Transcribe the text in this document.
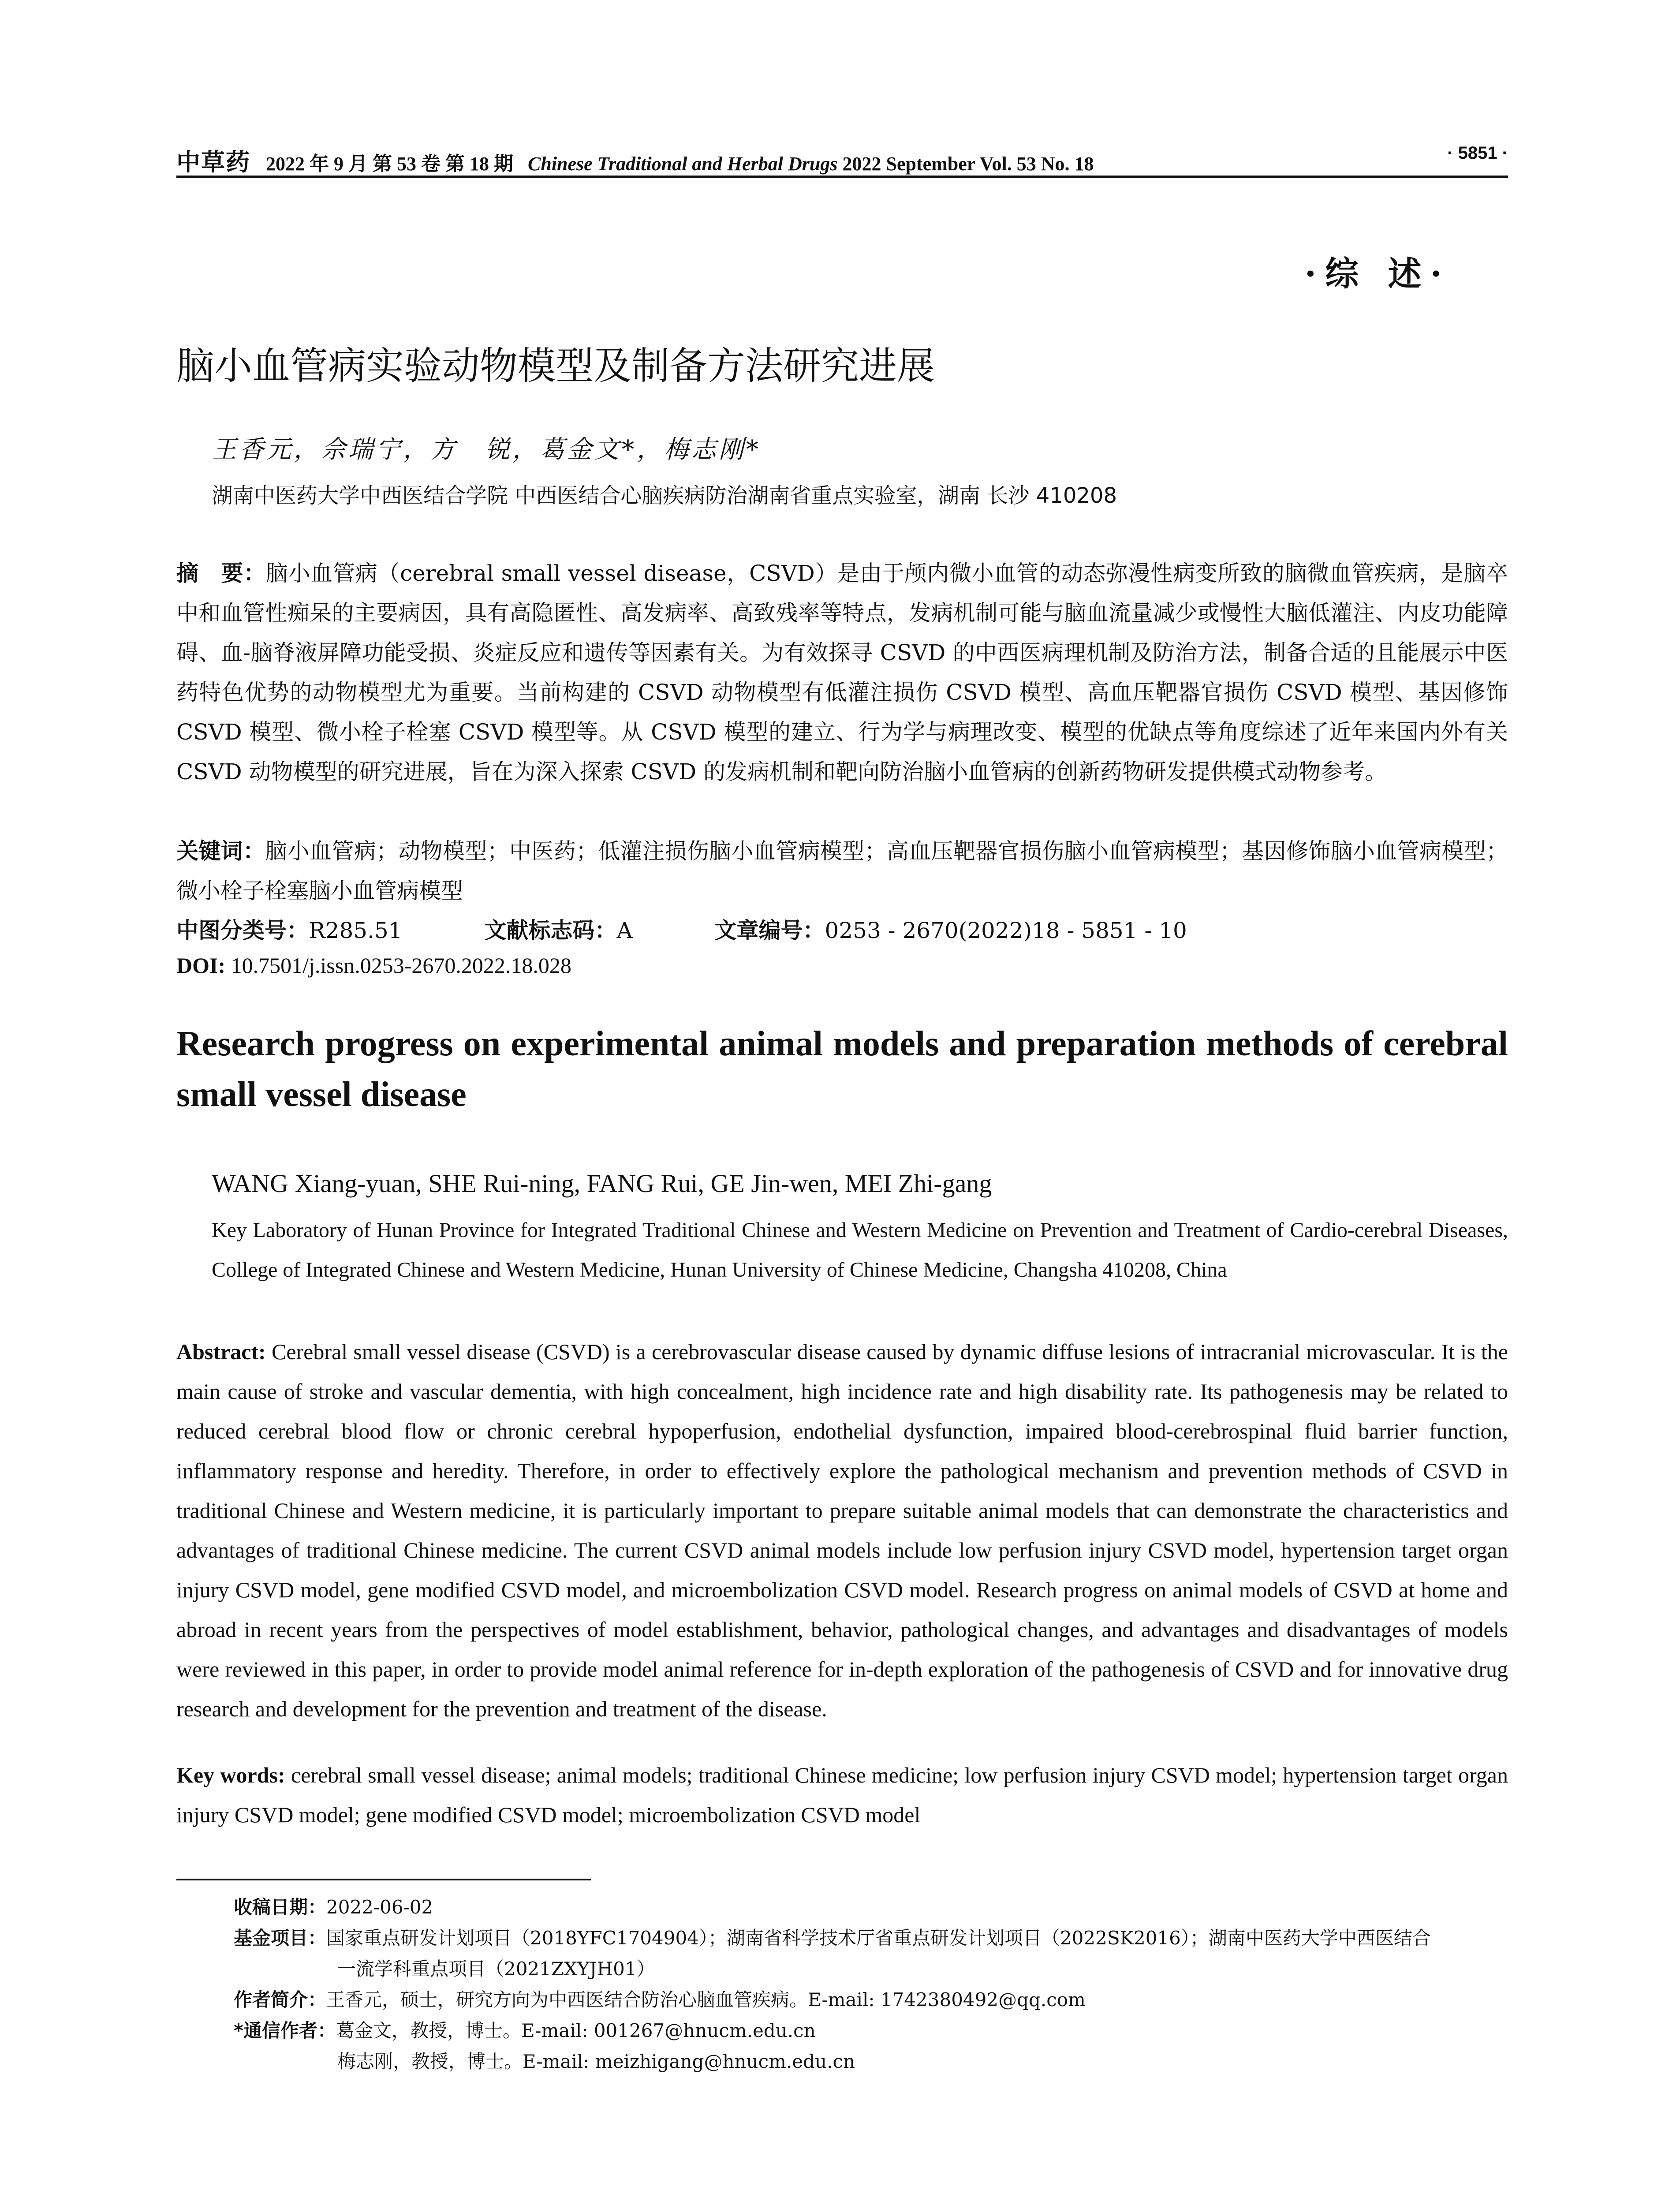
中草药 2022 年 9 月 第 53 卷 第 18 期 Chinese Traditional and Herbal Drugs 2022 September Vol. 53 No. 18	· 5851 ·
·综 述·
脑小血管病实验动物模型及制备方法研究进展
王香元，佘瑞宁，方　锐，葛金文*，梅志刚*
湖南中医药大学中西医结合学院 中西医结合心脑疾病防治湖南省重点实验室，湖南 长沙 410208
摘　要：脑小血管病（cerebral small vessel disease，CSVD）是由于颅内微小血管的动态弥漫性病变所致的脑微血管疾病，是脑卒中和血管性痴呆的主要病因，具有高隐匿性、高发病率、高致残率等特点，发病机制可能与脑血流量减少或慢性大脑低灌注、内皮功能障碍、血-脑脊液屏障功能受损、炎症反应和遗传等因素有关。为有效探寻 CSVD 的中西医病理机制及防治方法，制备合适的且能展示中医药特色优势的动物模型尤为重要。当前构建的 CSVD 动物模型有低灌注损伤 CSVD 模型、高血压靶器官损伤 CSVD 模型、基因修饰 CSVD 模型、微小栓子栓塞 CSVD 模型等。从 CSVD 模型的建立、行为学与病理改变、模型的优缺点等角度综述了近年来国内外有关 CSVD 动物模型的研究进展，旨在为深入探索 CSVD 的发病机制和靶向防治脑小血管病的创新药物研发提供模式动物参考。
关键词：脑小血管病；动物模型；中医药；低灌注损伤脑小血管病模型；高血压靶器官损伤脑小血管病模型；基因修饰脑小血管病模型；微小栓子栓塞脑小血管病模型
中图分类号：R285.51	文献标志码：A	文章编号：0253 - 2670(2022)18 - 5851 - 10
DOI: 10.7501/j.issn.0253-2670.2022.18.028
Research progress on experimental animal models and preparation methods of cerebral small vessel disease
WANG Xiang-yuan, SHE Rui-ning, FANG Rui, GE Jin-wen, MEI Zhi-gang
Key Laboratory of Hunan Province for Integrated Traditional Chinese and Western Medicine on Prevention and Treatment of Cardio-cerebral Diseases, College of Integrated Chinese and Western Medicine, Hunan University of Chinese Medicine, Changsha 410208, China
Abstract: Cerebral small vessel disease (CSVD) is a cerebrovascular disease caused by dynamic diffuse lesions of intracranial microvascular. It is the main cause of stroke and vascular dementia, with high concealment, high incidence rate and high disability rate. Its pathogenesis may be related to reduced cerebral blood flow or chronic cerebral hypoperfusion, endothelial dysfunction, impaired blood-cerebrospinal fluid barrier function, inflammatory response and heredity. Therefore, in order to effectively explore the pathological mechanism and prevention methods of CSVD in traditional Chinese and Western medicine, it is particularly important to prepare suitable animal models that can demonstrate the characteristics and advantages of traditional Chinese medicine. The current CSVD animal models include low perfusion injury CSVD model, hypertension target organ injury CSVD model, gene modified CSVD model, and microembolization CSVD model. Research progress on animal models of CSVD at home and abroad in recent years from the perspectives of model establishment, behavior, pathological changes, and advantages and disadvantages of models were reviewed in this paper, in order to provide model animal reference for in-depth exploration of the pathogenesis of CSVD and for innovative drug research and development for the prevention and treatment of the disease.
Key words: cerebral small vessel disease; animal models; traditional Chinese medicine; low perfusion injury CSVD model; hypertension target organ injury CSVD model; gene modified CSVD model; microembolization CSVD model
收稿日期：2022-06-02
基金项目：国家重点研发计划项目（2018YFC1704904）；湖南省科学技术厅省重点研发计划项目（2022SK2016）；湖南中医药大学中西医结合
一流学科重点项目（2021ZXYJH01）
作者简介：王香元，硕士，研究方向为中西医结合防治心脑血管疾病。E-mail: 1742380492@qq.com
*通信作者：葛金文，教授，博士。E-mail: 001267@hnucm.edu.cn
梅志刚，教授，博士。E-mail: meizhigang@hnucm.edu.cn
